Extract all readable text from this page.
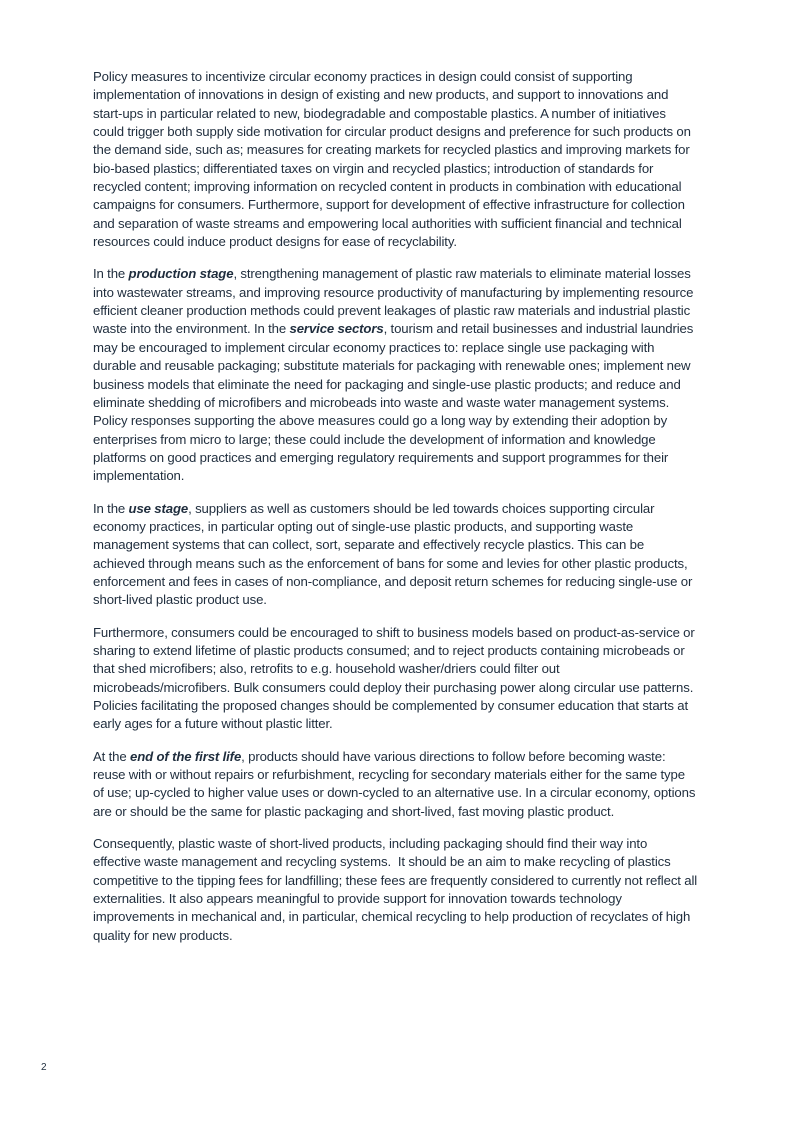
Policy measures to incentivize circular economy practices in design could consist of supporting implementation of innovations in design of existing and new products, and support to innovations and start-ups in particular related to new, biodegradable and compostable plastics. A number of initiatives could trigger both supply side motivation for circular product designs and preference for such products on the demand side, such as; measures for creating markets for recycled plastics and improving markets for bio-based plastics; differentiated taxes on virgin and recycled plastics; introduction of standards for recycled content; improving information on recycled content in products in combination with educational campaigns for consumers. Furthermore, support for development of effective infrastructure for collection and separation of waste streams and empowering local authorities with sufficient financial and technical resources could induce product designs for ease of recyclability.

In the production stage, strengthening management of plastic raw materials to eliminate material losses into wastewater streams, and improving resource productivity of manufacturing by implementing resource efficient cleaner production methods could prevent leakages of plastic raw materials and industrial plastic waste into the environment. In the service sectors, tourism and retail businesses and industrial laundries may be encouraged to implement circular economy practices to: replace single use packaging with durable and reusable packaging; substitute materials for packaging with renewable ones; implement new business models that eliminate the need for packaging and single-use plastic products; and reduce and eliminate shedding of microfibers and microbeads into waste and waste water management systems. Policy responses supporting the above measures could go a long way by extending their adoption by enterprises from micro to large; these could include the development of information and knowledge platforms on good practices and emerging regulatory requirements and support programmes for their implementation.

In the use stage, suppliers as well as customers should be led towards choices supporting circular economy practices, in particular opting out of single-use plastic products, and supporting waste management systems that can collect, sort, separate and effectively recycle plastics. This can be achieved through means such as the enforcement of bans for some and levies for other plastic products, enforcement and fees in cases of non-compliance, and deposit return schemes for reducing single-use or short-lived plastic product use.

Furthermore, consumers could be encouraged to shift to business models based on product-as-service or sharing to extend lifetime of plastic products consumed; and to reject products containing microbeads or that shed microfibers; also, retrofits to e.g. household washer/driers could filter out microbeads/microfibers. Bulk consumers could deploy their purchasing power along circular use patterns. Policies facilitating the proposed changes should be complemented by consumer education that starts at early ages for a future without plastic litter.

At the end of the first life, products should have various directions to follow before becoming waste: reuse with or without repairs or refurbishment, recycling for secondary materials either for the same type of use; up-cycled to higher value uses or down-cycled to an alternative use. In a circular economy, options are or should be the same for plastic packaging and short-lived, fast moving plastic product.

Consequently, plastic waste of short-lived products, including packaging should find their way into effective waste management and recycling systems.  It should be an aim to make recycling of plastics competitive to the tipping fees for landfilling; these fees are frequently considered to currently not reflect all externalities. It also appears meaningful to provide support for innovation towards technology improvements in mechanical and, in particular, chemical recycling to help production of recyclates of high quality for new products.

2
